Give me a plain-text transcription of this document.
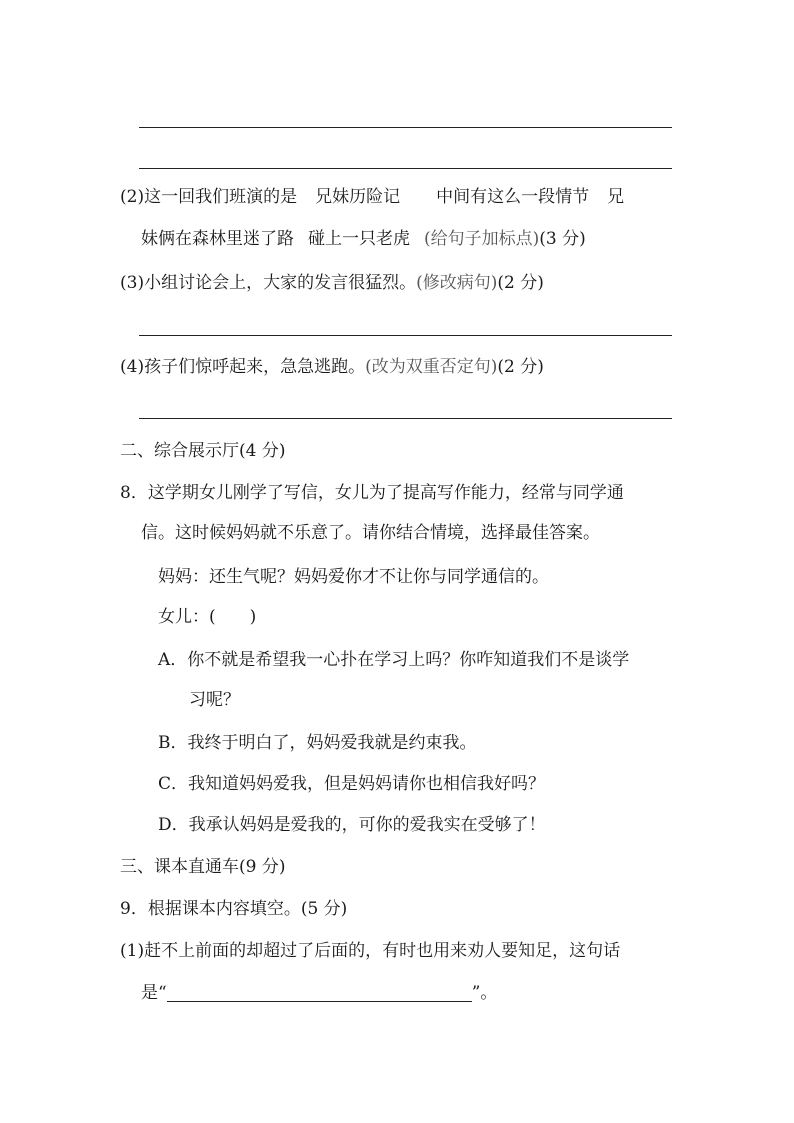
(2)这一回我们班演的是 兄妹历险记 中间有这么一段情节 兄
妹俩在森林里迷了路 碰上一只老虎 (给句子加标点)(3 分)
(3)小组讨论会上，大家的发言很猛烈。(修改病句)(2 分)
(4)孩子们惊呼起来，急急逃跑。(改为双重否定句)(2 分)
二、综合展示厅(4 分)
8．这学期女儿刚学了写信，女儿为了提高写作能力，经常与同学通
信。这时候妈妈就不乐意了。请你结合情境，选择最佳答案。
妈妈：还生气呢？妈妈爱你才不让你与同学通信的。
女儿：(　　)
A．你不就是希望我一心扑在学习上吗？你咋知道我们不是谈学
习呢？
B．我终于明白了，妈妈爱我就是约束我。
C．我知道妈妈爱我，但是妈妈请你也相信我好吗？
D．我承认妈妈是爱我的，可你的爱我实在受够了！
三、课本直通车(9 分)
9．根据课本内容填空。(5 分)
(1)赶不上前面的却超过了后面的，有时也用来劝人要知足，这句话
是“	”。
